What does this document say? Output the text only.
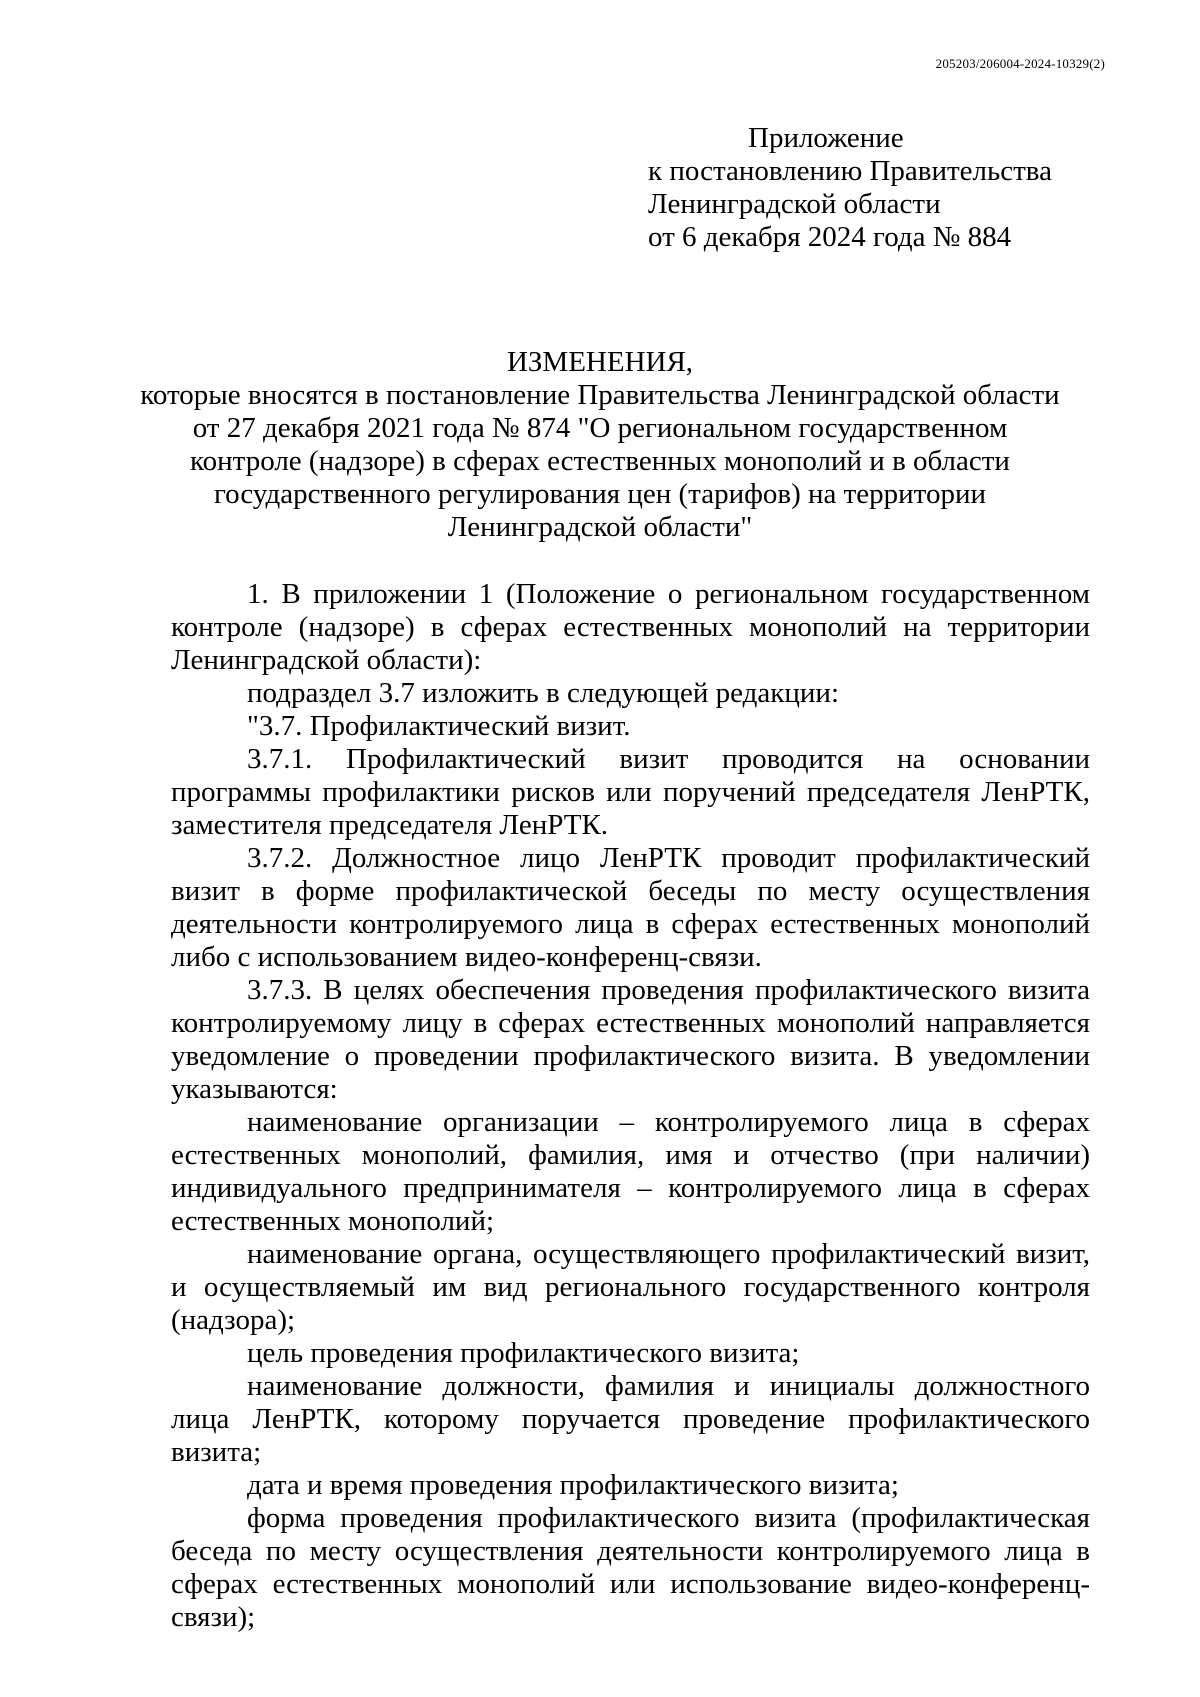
205203/206004-2024-10329(2)
Приложение
к постановлению Правительства
Ленинградской области
от 6 декабря 2024 года № 884
ИЗМЕНЕНИЯ,
которые вносятся в постановление Правительства Ленинградской области
от 27 декабря 2021 года № 874 "О региональном государственном
контроле (надзоре) в сферах естественных монополий и в области
государственного регулирования цен (тарифов) на территории
Ленинградской области"

1. В приложении 1 (Положение о региональном государственном контроле (надзоре) в сферах естественных монополий на территории Ленинградской области):

подраздел 3.7 изложить в следующей редакции:

"3.7. Профилактический визит.

3.7.1. Профилактический визит проводится на основании программы профилактики рисков или поручений председателя ЛенРТК, заместителя председателя ЛенРТК.

3.7.2. Должностное лицо ЛенРТК проводит профилактический визит в форме профилактической беседы по месту осуществления деятельности контролируемого лица в сферах естественных монополий либо с использованием видео-конференц-связи.

3.7.3. В целях обеспечения проведения профилактического визита контролируемому лицу в сферах естественных монополий направляется уведомление о проведении профилактического визита. В уведомлении указываются:

наименование организации – контролируемого лица в сферах естественных монополий, фамилия, имя и отчество (при наличии) индивидуального предпринимателя – контролируемого лица в сферах естественных монополий;

наименование органа, осуществляющего профилактический визит, и осуществляемый им вид регионального государственного контроля (надзора);

цель проведения профилактического визита;

наименование должности, фамилия и инициалы должностного лица ЛенРТК, которому поручается проведение профилактического визита;

дата и время проведения профилактического визита;

форма проведения профилактического визита (профилактическая беседа по месту осуществления деятельности контролируемого лица в сферах естественных монополий или использование видео-конференц-связи);
